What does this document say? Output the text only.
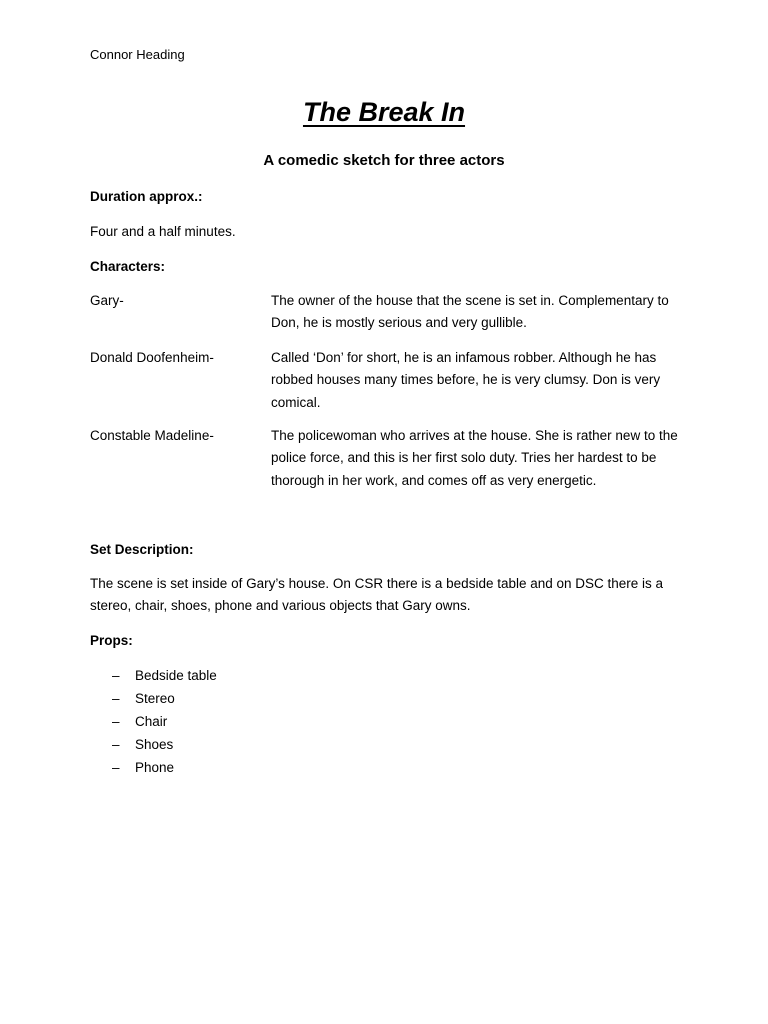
Connor Heading
The Break In
A comedic sketch for three actors
Duration approx.:
Four and a half minutes.
Characters:
Gary-	The owner of the house that the scene is set in. Complementary to Don, he is mostly serious and very gullible.
Donald Doofenheim-	Called ‘Don’ for short, he is an infamous robber. Although he has robbed houses many times before, he is very clumsy. Don is very comical.
Constable Madeline-	The policewoman who arrives at the house. She is rather new to the police force, and this is her first solo duty. Tries her hardest to be thorough in her work, and comes off as very energetic.
Set Description:
The scene is set inside of Gary’s house. On CSR there is a bedside table and on DSC there is a stereo, chair, shoes, phone and various objects that Gary owns.
Props:
– Bedside table
– Stereo
– Chair
– Shoes
– Phone
